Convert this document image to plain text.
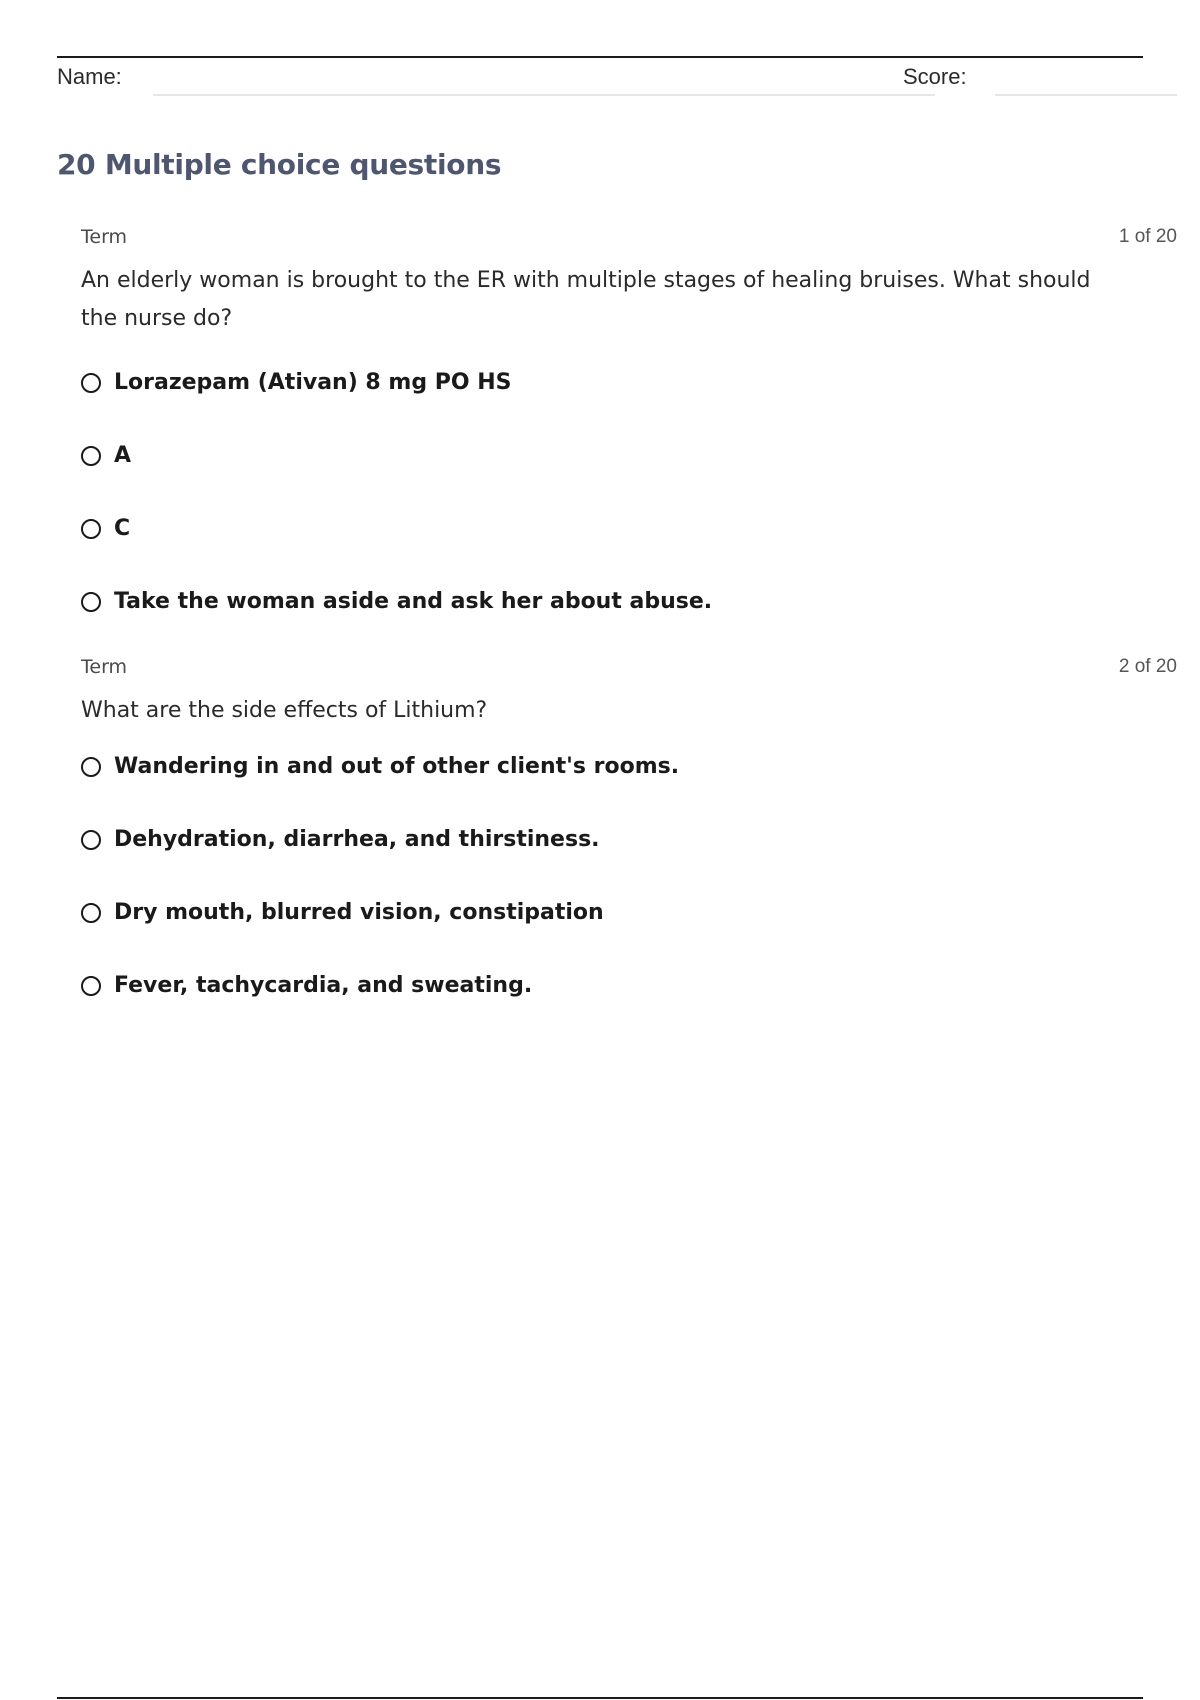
Name:	Score:
20 Multiple choice questions
Term	1 of 20
An elderly woman is brought to the ER with multiple stages of healing bruises. What should the nurse do?
Lorazepam (Ativan) 8 mg PO HS
A
C
Take the woman aside and ask her about abuse.
Term	2 of 20
What are the side effects of Lithium?
Wandering in and out of other client's rooms.
Dehydration, diarrhea, and thirstiness.
Dry mouth, blurred vision, constipation
Fever, tachycardia, and sweating.
